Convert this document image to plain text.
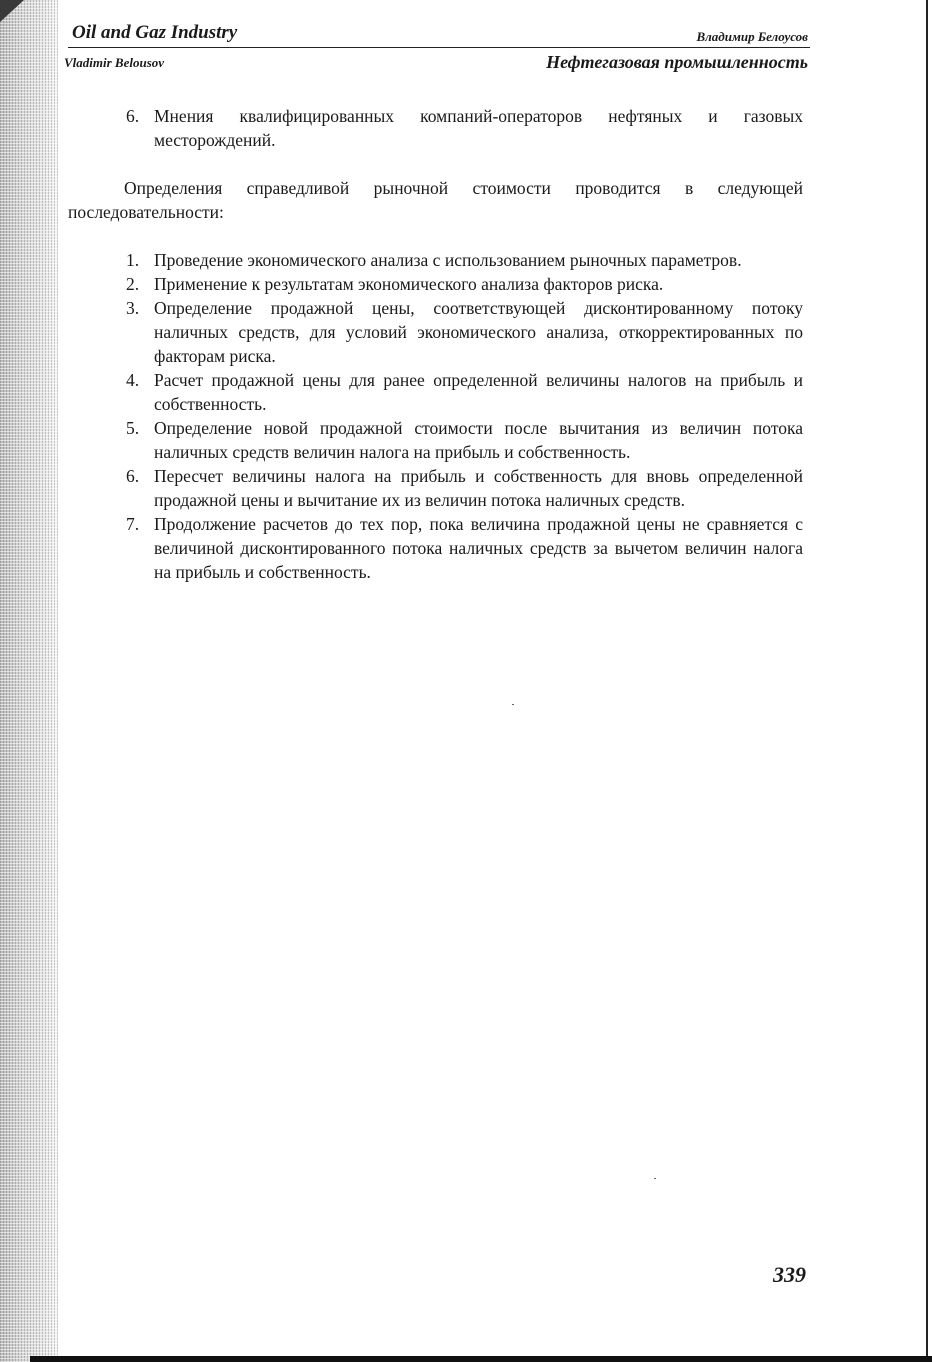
Oil and Gaz Industry	Владимир Белоусов
Vladimir Belousov	Нефтегазовая промышленность
6. Мнения квалифицированных компаний-операторов нефтяных и газовых месторождений.
Определения справедливой рыночной стоимости проводится в следующей последовательности:
1. Проведение экономического анализа с использованием рыночных параметров.
2. Применение к результатам экономического анализа факторов риска.
3. Определение продажной цены, соответствующей дисконтированному потоку наличных средств, для условий экономического анализа, откорректированных по факторам риска.
4. Расчет продажной цены для ранее определенной величины налогов на прибыль и собственность.
5. Определение новой продажной стоимости после вычитания из величин потока наличных средств величин налога на прибыль и собственность.
6. Пересчет величины налога на прибыль и собственность для вновь определенной продажной цены и вычитание их из величин потока наличных средств.
7. Продолжение расчетов до тех пор, пока величина продажной цены не сравняется с величиной дисконтированного потока наличных средств за вычетом величин налога на прибыль и собственность.
339
